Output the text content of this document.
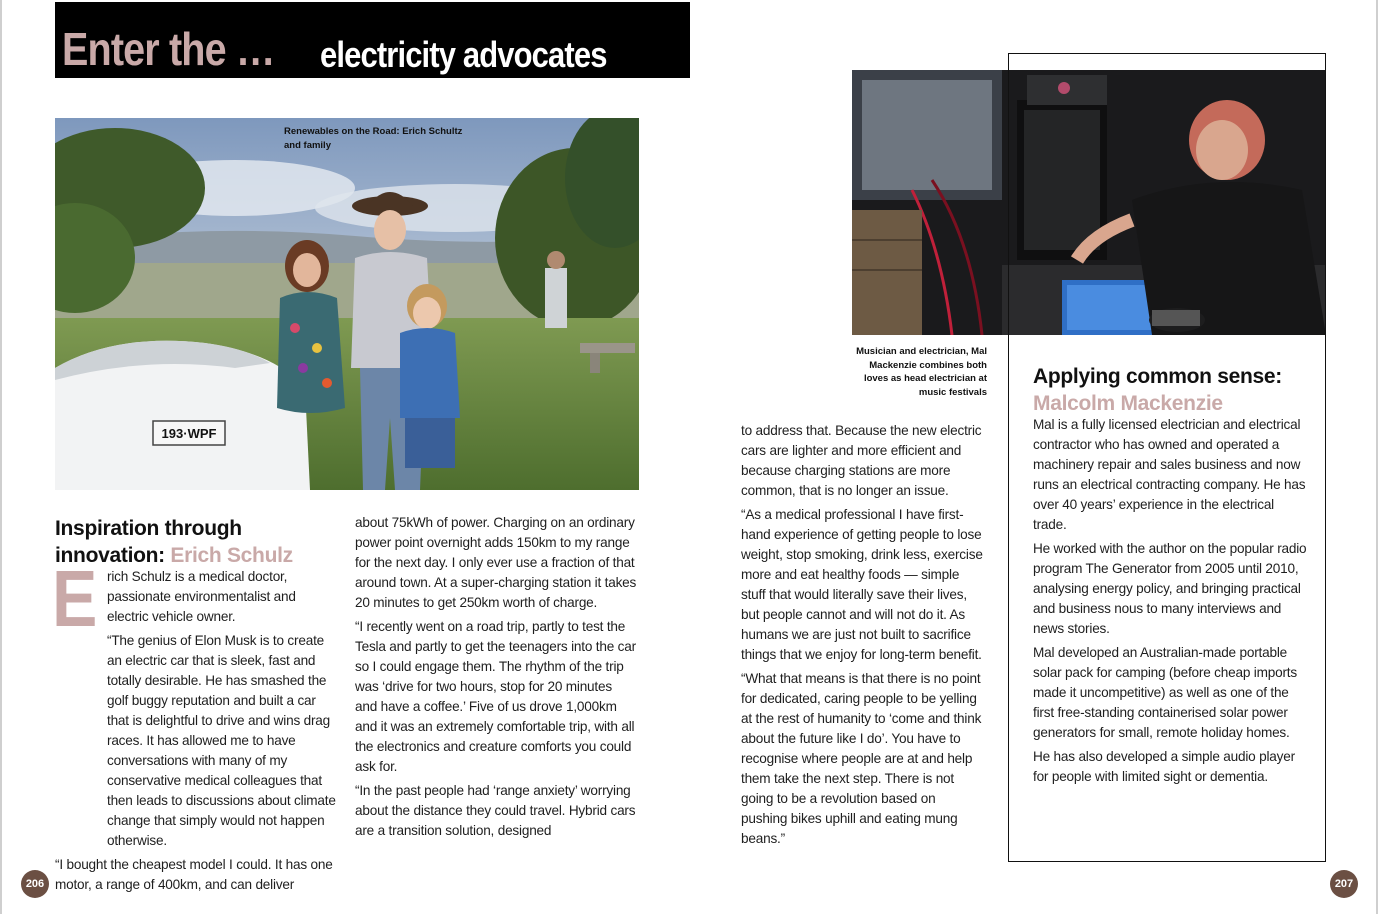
Enter the … electricity advocates
193·WPF
Renewables on the Road: Erich Schultz and family
Musician and electrician, Mal Mackenzie combines both loves as head electrician at music festivals
Inspiration through innovation: Erich Schulz

E rich Schulz is a medical doctor, passionate environmentalist and electric vehicle owner.

“The genius of Elon Musk is to create an electric car that is sleek, fast and totally desirable. He has smashed the golf buggy reputation and built a car that is delightful to drive and wins drag races. It has allowed me to have conversations with many of my conservative medical colleagues that then leads to discussions about climate change that simply would not happen otherwise.

“I bought the cheapest model I could. It has one motor, a range of 400km, and can deliver

about 75kWh of power. Charging on an ordinary power point overnight adds 150km to my range for the next day. I only ever use a fraction of that around town. At a super-charging station it takes 20 minutes to get 250km worth of charge.

“I recently went on a road trip, partly to test the Tesla and partly to get the teenagers into the car so I could engage them. The rhythm of the trip was ‘drive for two hours, stop for 20 minutes and have a coffee.’ Five of us drove 1,000km and it was an extremely comfortable trip, with all the electronics and creature comforts you could ask for.

“In the past people had ‘range anxiety’ worrying about the distance they could travel. Hybrid cars are a transition solution, designed

to address that. Because the new electric cars are lighter and more efficient and because charging stations are more common, that is no longer an issue.

“As a medical professional I have first-hand experience of getting people to lose weight, stop smoking, drink less, exercise more and eat healthy foods — simple stuff that would literally save their lives, but people cannot and will not do it. As humans we are just not built to sacrifice things that we enjoy for long-term benefit.

“What that means is that there is no point for dedicated, caring people to be yelling at the rest of humanity to ‘come and think about the future like I do’. You have to recognise where people are at and help them take the next step. There is not going to be a revolution based on pushing bikes uphill and eating mung beans.”

Applying common sense:
Malcolm Mackenzie

Mal is a fully licensed electrician and electrical contractor who has owned and operated a machinery repair and sales business and now runs an electrical contracting company. He has over 40 years’ experience in the electrical trade.

He worked with the author on the popular radio program The Generator from 2005 until 2010, analysing energy policy, and bringing practical and business nous to many interviews and news stories.

Mal developed an Australian-made portable solar pack for camping (before cheap imports made it uncompetitive) as well as one of the first free-standing containerised solar power generators for small, remote holiday homes.

He has also developed a simple audio player for people with limited sight or dementia.

206	207
